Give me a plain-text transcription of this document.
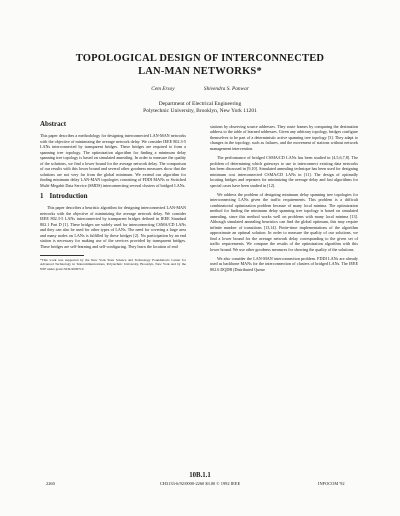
TOPOLOGICAL DESIGN OF INTERCONNECTED
LAN-MAN NETWORKS*
Cem Ersoy	Shivendra S. Panwar
Department of Electrical Engineering
Polytechnic University, Brooklyn, New York 11201
Abstract

This paper describes a methodology for designing interconnected LAN-MAN networks with the objective of minimizing the average network delay. We consider IEEE 802.3-5 LANs interconnected by transparent bridges. These bridges are required to form a spanning tree topology. The optimization algorithm for finding a minimum delay spanning tree topology is based on simulated annealing. In order to measure the quality of the solutions, we find a lower bound for the average network delay. The comparison of our results with this lower bound and several other goodness measures show that the solutions are not very far from the global minimum. We extend our algorithm for finding minimum delay LAN-MAN topologies consisting of FDDI MANs or Switched Multi-Megabit Data Service (SMDS) interconnecting several clusters of bridged LANs.

1 Introduction

This paper describes a heuristic algorithm for designing interconnected LAN-MAN networks with the objective of minimizing the average network delay. We consider IEEE 802.3-5 LANs interconnected by transparent bridges defined in IEEE Standard 802.1 Part D [1]. These bridges are widely used for interconnecting CSMA/CD LANs and they can also be used for other types of LANs. The need for covering a large area and many nodes on LANs is fulfilled by these bridges [2]. No participation by an end station is necessary for making use of the services provided by transparent bridges. These bridges are self-learning and self-configuring. They learn the location of end

*This work was supported by the New York State Science and Technology Foundation's Center for Advanced Technology in Telecommunications, Polytechnic University, Brooklyn, New York and by the NSF under grant NCR-9009719

stations by observing source addresses. They route frames by comparing the destination address to the table of learned addresses. Given any arbitrary topology, bridges configure themselves to be part of a deterministic active spanning tree topology [3]. They adapt to changes in the topology, such as failures, and the movement of stations without network management intervention.

The performance of bridged CSMA/CD LANs has been studied in [4,5,6,7,8]. The problem of determining which gateways to use to interconnect existing data networks has been discussed in [9,10]. Simulated annealing technique has been used for designing minimum cost interconnected CSMA/CD LANs in [11]. The design of optimally locating bridges and repeaters for minimizing the average delay and fast algorithms for special cases have been studied in [12].

We address the problem of designing minimum delay spanning tree topologies for interconnecting LANs given the traffic requirements. This problem is a difficult combinatorial optimization problem because of many local minima. The optimization method for finding the minimum delay spanning tree topology is based on simulated annealing, since this method works well on problems with many local minima [13]. Although simulated annealing heuristics can find the global optimum, this may require infinite number of transitions [13,14]. Finite-time implementations of the algorithm approximate an optimal solution. In order to measure the quality of our solutions, we find a lower bound for the average network delay corresponding to the given set of traffic requirements. We compare the results of the optimization algorithm with this lower bound. We use other goodness measures for showing the quality of the solutions.

We also consider the LAN-MAN interconnection problem. FDDI LANs are already used as backbone MANs for the interconnection of clusters of bridged LANs. The IEEE 802.6 DQDB (Distributed Queue

10B.1.1
2260	CH3133-6/92/0000-2260 $3.00 © 1992 IEEE	INFOCOM '92
